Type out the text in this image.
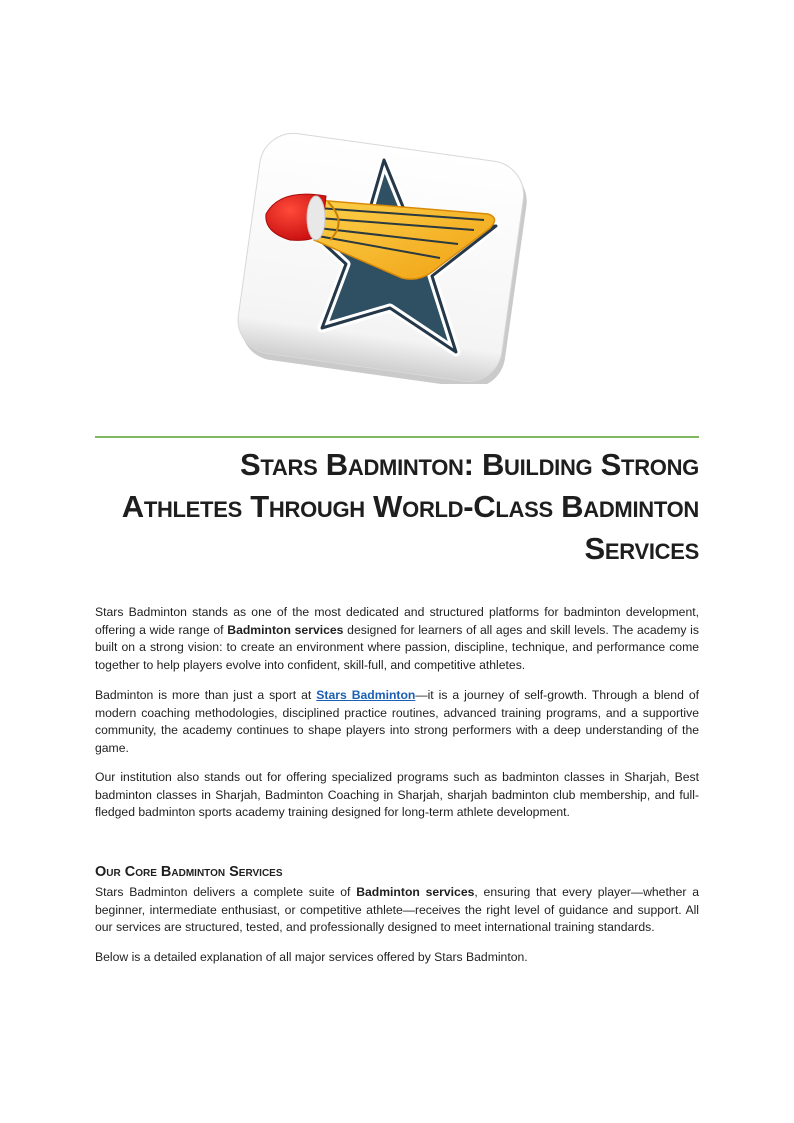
Stars Badminton: Building Strong
Athletes Through World-Class Badminton
Services

Stars Badminton stands as one of the most dedicated and structured platforms for badminton development, offering a wide range of Badminton services designed for learners of all ages and skill levels. The academy is built on a strong vision: to create an environment where passion, discipline, technique, and performance come together to help players evolve into confident, skill-full, and competitive athletes.

Badminton is more than just a sport at Stars Badminton—it is a journey of self-growth. Through a blend of modern coaching methodologies, disciplined practice routines, advanced training programs, and a supportive community, the academy continues to shape players into strong performers with a deep understanding of the game.

Our institution also stands out for offering specialized programs such as badminton classes in Sharjah, Best badminton classes in Sharjah, Badminton Coaching in Sharjah, sharjah badminton club membership, and full-fledged badminton sports academy training designed for long-term athlete development.

Our Core Badminton Services

Stars Badminton delivers a complete suite of Badminton services, ensuring that every player—whether a beginner, intermediate enthusiast, or competitive athlete—receives the right level of guidance and support. All our services are structured, tested, and professionally designed to meet international training standards.

Below is a detailed explanation of all major services offered by Stars Badminton.
